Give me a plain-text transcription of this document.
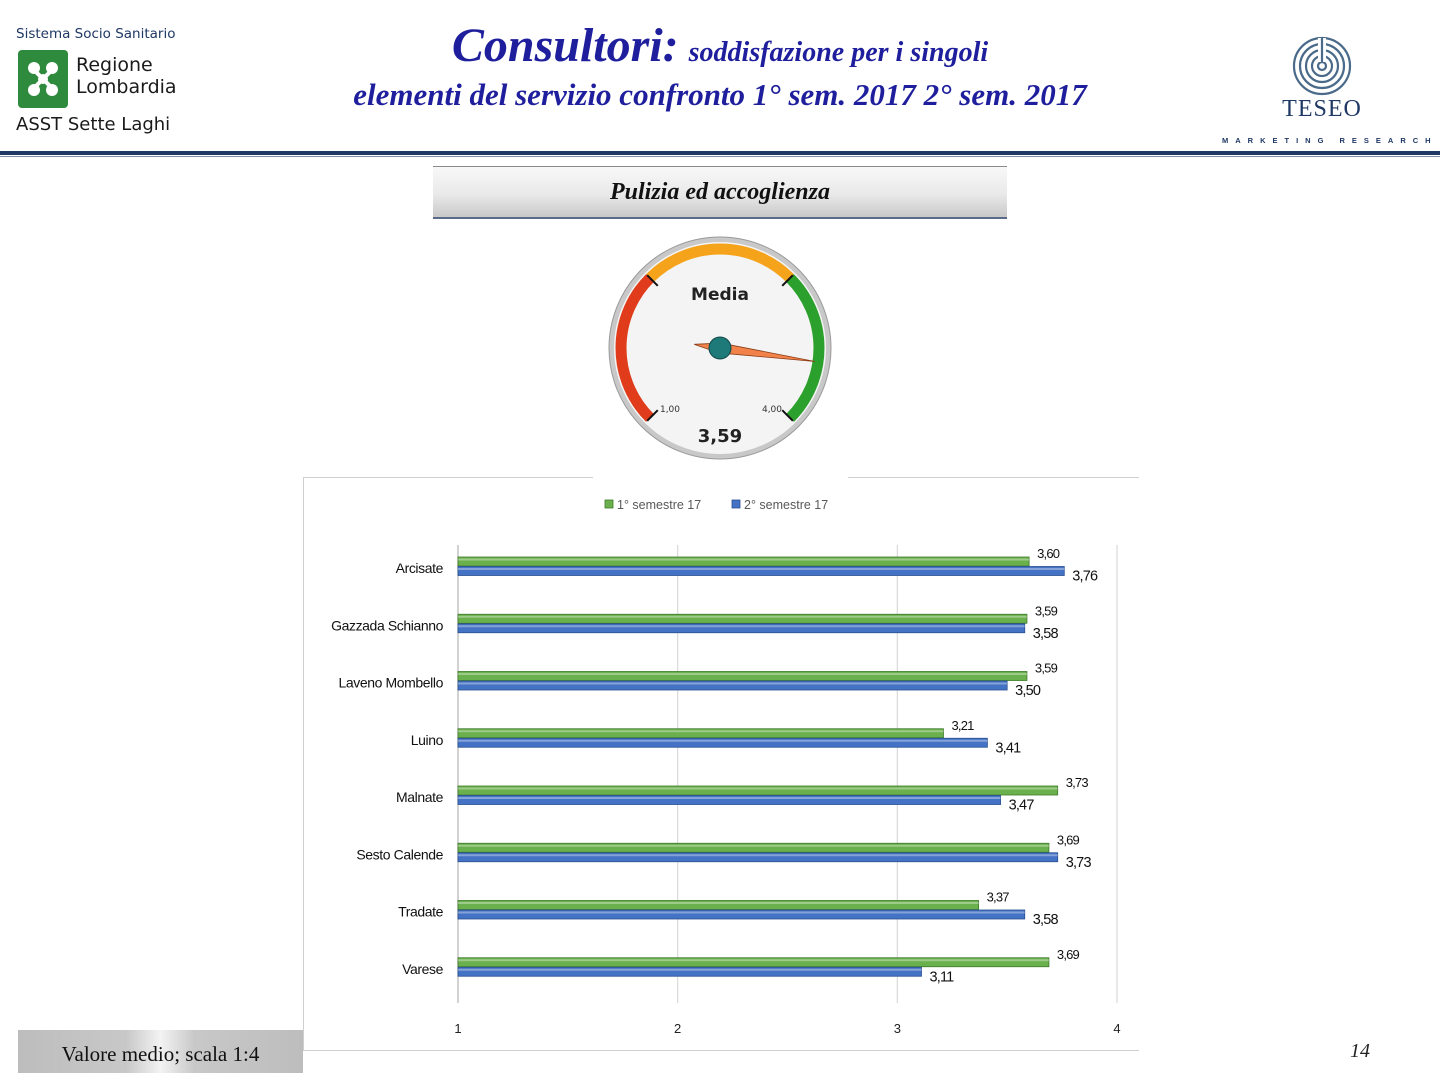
Sistema Socio Sanitario
Regione
Lombardia
ASST Sette Laghi
Consultori: soddisfazione per i singoli
elementi del servizio confronto 1° sem. 2017 2° sem. 2017	TESEO
MARKETING RESEARCH
Pulizia ed accoglienza
Media
1,00	4,00
3,59
1° semestre 17	2° semestre 17
1	2	3	4
Arcisate
3,60
3,76
Gazzada Schianno
3,59
3,58
Laveno Mombello
3,59
3,50
Luino
3,21
3,41
Malnate
3,73
3,47
Sesto Calende
3,69
3,73
Tradate
3,37
3,58
Varese
3,69
3,11
Valore medio; scala 1:4	14
